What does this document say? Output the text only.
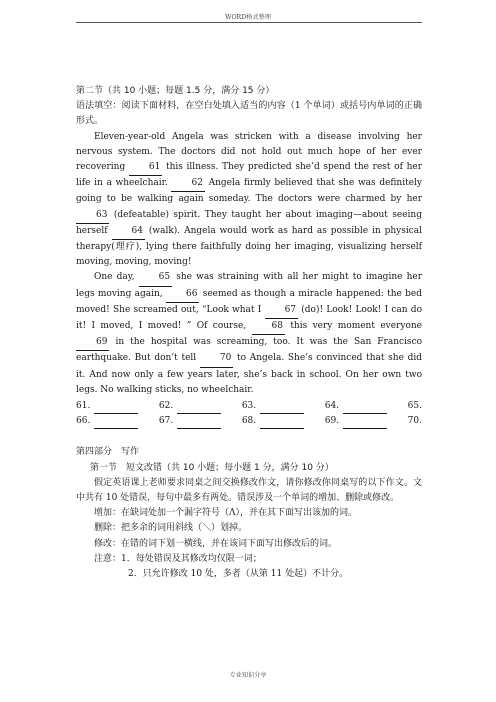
WORD格式整理

第二节（共 10 小题；每题 1.5 分，满分 15 分）

语法填空：阅读下面材料，在空白处填入适当的内容（1 个单词）或括号内单词的正确形式。

Eleven-year-old Angela was stricken with a disease involving her nervous system. The doctors did not hold out much hope of her ever recovering 61 this illness. They predicted she’d spend the rest of her life in a wheelchair. 62 Angela firmly believed that she was definitely going to be walking again someday. The doctors were charmed by her 63 (defeatable) spirit. They taught her about imaging—about seeing herself 64 (walk). Angela would work as hard as possible in physical therapy(理疗), lying there faithfully doing her imaging, visualizing herself moving, moving, moving!

One day, 65 she was straining with all her might to imagine her legs moving again, 66 seemed as though a miracle happened: the bed moved! She screamed out, “Look what I 67 (do)! Look! Look! I can do it! I moved, I moved! ” Of course, 68 this very moment everyone 69 in the hospital was screaming, too. It was the San Francisco earthquake. But don’t tell 70 to Angela. She’s convinced that she did it. And now only a few years later, she’s back in school. On her own two legs. No walking sticks, no wheelchair.

61.	62.	63.	64.	65.
66.	67.	68.	69.	70.

第四部分　写作

第一节　短文改错（共 10 小题；每小题 1 分，满分 10 分）

假定英语课上老师要求同桌之间交换修改作文，请你修改你同桌写的以下作文。文中共有 10 处错误，每句中最多有两处。错误涉及一个单词的增加、删除或修改。

增加：在缺词处加一个漏字符号（Λ），并在其下面写出该加的词。

删除：把多余的词用斜线（＼）划掉。

修改：在错的词下划一横线，并在该词下面写出修改后的词。

注意：1．每处错误及其修改均仅限一词；

2．只允许修改 10 处，多者（从第 11 处起）不计分。

专业知识分享
